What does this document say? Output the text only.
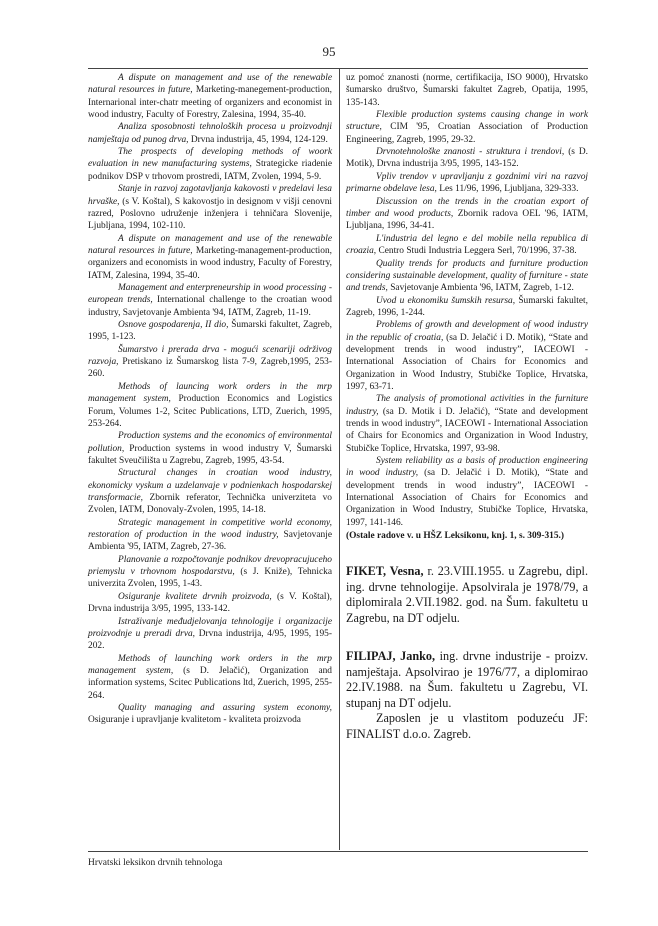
95

A dispute on management and use of the renewable natural resources in future, Marketing-manegement-production, Internarional inter-chatr meeting of organizers and economist in wood industry, Faculty of Forestry, Zalesina, 1994, 35-40.

Analiza sposobnosti tehnoloških procesa u proizvodnji namještaja od punog drva, Drvna industrija, 45, 1994, 124-129.

The prospects of developing methods of woork evaluation in new manufacturing systems, Strategicke riadenie podnikov DSP v trhovom prostredi, IATM, Zvolen, 1994, 5-9.

Stanje in razvoj zagotavljanja kakovosti v predelavi lesa hrvaške, (s V. Koštal), S kakovostjo in designom v višji cenovni razred, Poslovno udruženje inženjera i tehničara Slovenije, Ljubljana, 1994, 102-110.

A dispute on management and use of the renewable natural resources in future, Marketing-management-production, organizers and economists in wood industry, Faculty of Forestry, IATM, Zalesina, 1994, 35-40.

Management and enterpreneurship in wood processing - european trends, International challenge to the croatian wood industry, Savjetovanje Ambienta '94, IATM, Zagreb, 11-19.

Osnove gospodarenja, II dio, Šumarski fakultet, Zagreb, 1995, 1-123.

Šumarstvo i prerada drva - mogući scenariji održivog razvoja, Pretiskano iz Šumarskog lista 7-9, Zagreb,1995, 253-260.

Methods of launcing work orders in the mrp management system, Production Economics and Logistics Forum, Volumes 1-2, Scitec Publications, LTD, Zuerich, 1995, 253-264.

Production systems and the economics of environmental pollution, Production systems in wood industry V, Šumarski fakultet Sveučilišta u Zagrebu, Zagreb, 1995, 43-54.

Structural changes in croatian wood industry, ekonomicky vyskum a uzdelanvaje v podnienkach hospodarskej transformacie, Zbornik referator, Technička univerziteta vo Zvolen, IATM, Donovaly-Zvolen, 1995, 14-18.

Strategic management in competitive world economy, restoration of production in the wood industry, Savjetovanje Ambienta '95, IATM, Zagreb, 27-36.

Planovanie a rozpočtovanje podnikov drevopracujuceho priemyslu v trhovnom hospodarstvu, (s J. Kniže), Tehnicka univerzita Zvolen, 1995, 1-43.

Osiguranje kvalitete drvnih proizvoda, (s V. Koštal), Drvna industrija 3/95, 1995, 133-142.

Istraživanje međudjelovanja tehnologije i organizacije proizvodnje u preradi drva, Drvna industrija, 4/95, 1995, 195-202.

Methods of launching work orders in the mrp management system, (s D. Jelačić), Organization and information systems, Scitec Publications ltd, Zuerich, 1995, 255-264.

Quality managing and assuring system economy, Osiguranje i upravljanje kvalitetom - kvaliteta proizvoda

uz pomoć znanosti (norme, certifikacija, ISO 9000), Hrvatsko šumarsko društvo, Šumarski fakultet Zagreb, Opatija, 1995, 135-143.

Flexible production systems causing change in work structure, CIM '95, Croatian Association of Production Engineering, Zagreb, 1995, 29-32.

Drvnotehnološke znanosti - struktura i trendovi, (s D. Motik), Drvna industrija 3/95, 1995, 143-152.

Vpliv trendov v upravljanju z gozdnimi viri na razvoj primarne obdelave lesa, Les 11/96, 1996, Ljubljana, 329-333.

Discussion on the trends in the croatian export of timber and wood products, Zbornik radova OEL '96, IATM, Ljubljana, 1996, 34-41.

L'industria del legno e del mobile nella republica di croazia, Centro Studi Industria Leggera Serl, 70/1996, 37-38.

Quality trends for products and furniture production considering sustainable development, quality of furniture - state and trends, Savjetovanje Ambienta '96, IATM, Zagreb, 1-12.

Uvod u ekonomiku šumskih resursa, Šumarski fakultet, Zagreb, 1996, 1-244.

Problems of growth and development of wood industry in the republic of croatia, (sa D. Jelačić i D. Motik), “State and development trends in wood industry”, IACEOWI - International Association of Chairs for Economics and Organization in Wood Industry, Stubičke Toplice, Hrvatska, 1997, 63-71.

The analysis of promotional activities in the furniture industry, (sa D. Motik i D. Jelačić), “State and development trends in wood industry”, IACEOWI - International Association of Chairs for Economics and Organization in Wood Industry, Stubičke Toplice, Hrvatska, 1997, 93-98.

System reliability as a basis of production engineering in wood industry, (sa D. Jelačić i D. Motik), “State and development trends in wood industry”, IACEOWI - International Association of Chairs for Economics and Organization in Wood Industry, Stubičke Toplice, Hrvatska, 1997, 141-146.

(Ostale radove v. u HŠZ Leksikonu, knj. 1, s. 309-315.)

FIKET, Vesna, r. 23.VIII.1955. u Zagrebu, dipl. ing. drvne tehnologije. Apsolvirala je 1978/79, a diplomirala 2.VII.1982. god. na Šum. fakultetu u Zagrebu, na DT odjelu.

FILIPAJ, Janko, ing. drvne industrije - proizv. namještaja. Apsolvirao je 1976/77, a diplomirao 22.IV.1988. na Šum. fakultetu u Zagrebu, VI. stupanj na DT odjelu.

Zaposlen je u vlastitom poduzeću JF: FINALIST d.o.o. Zagreb.

Hrvatski leksikon drvnih tehnologa
